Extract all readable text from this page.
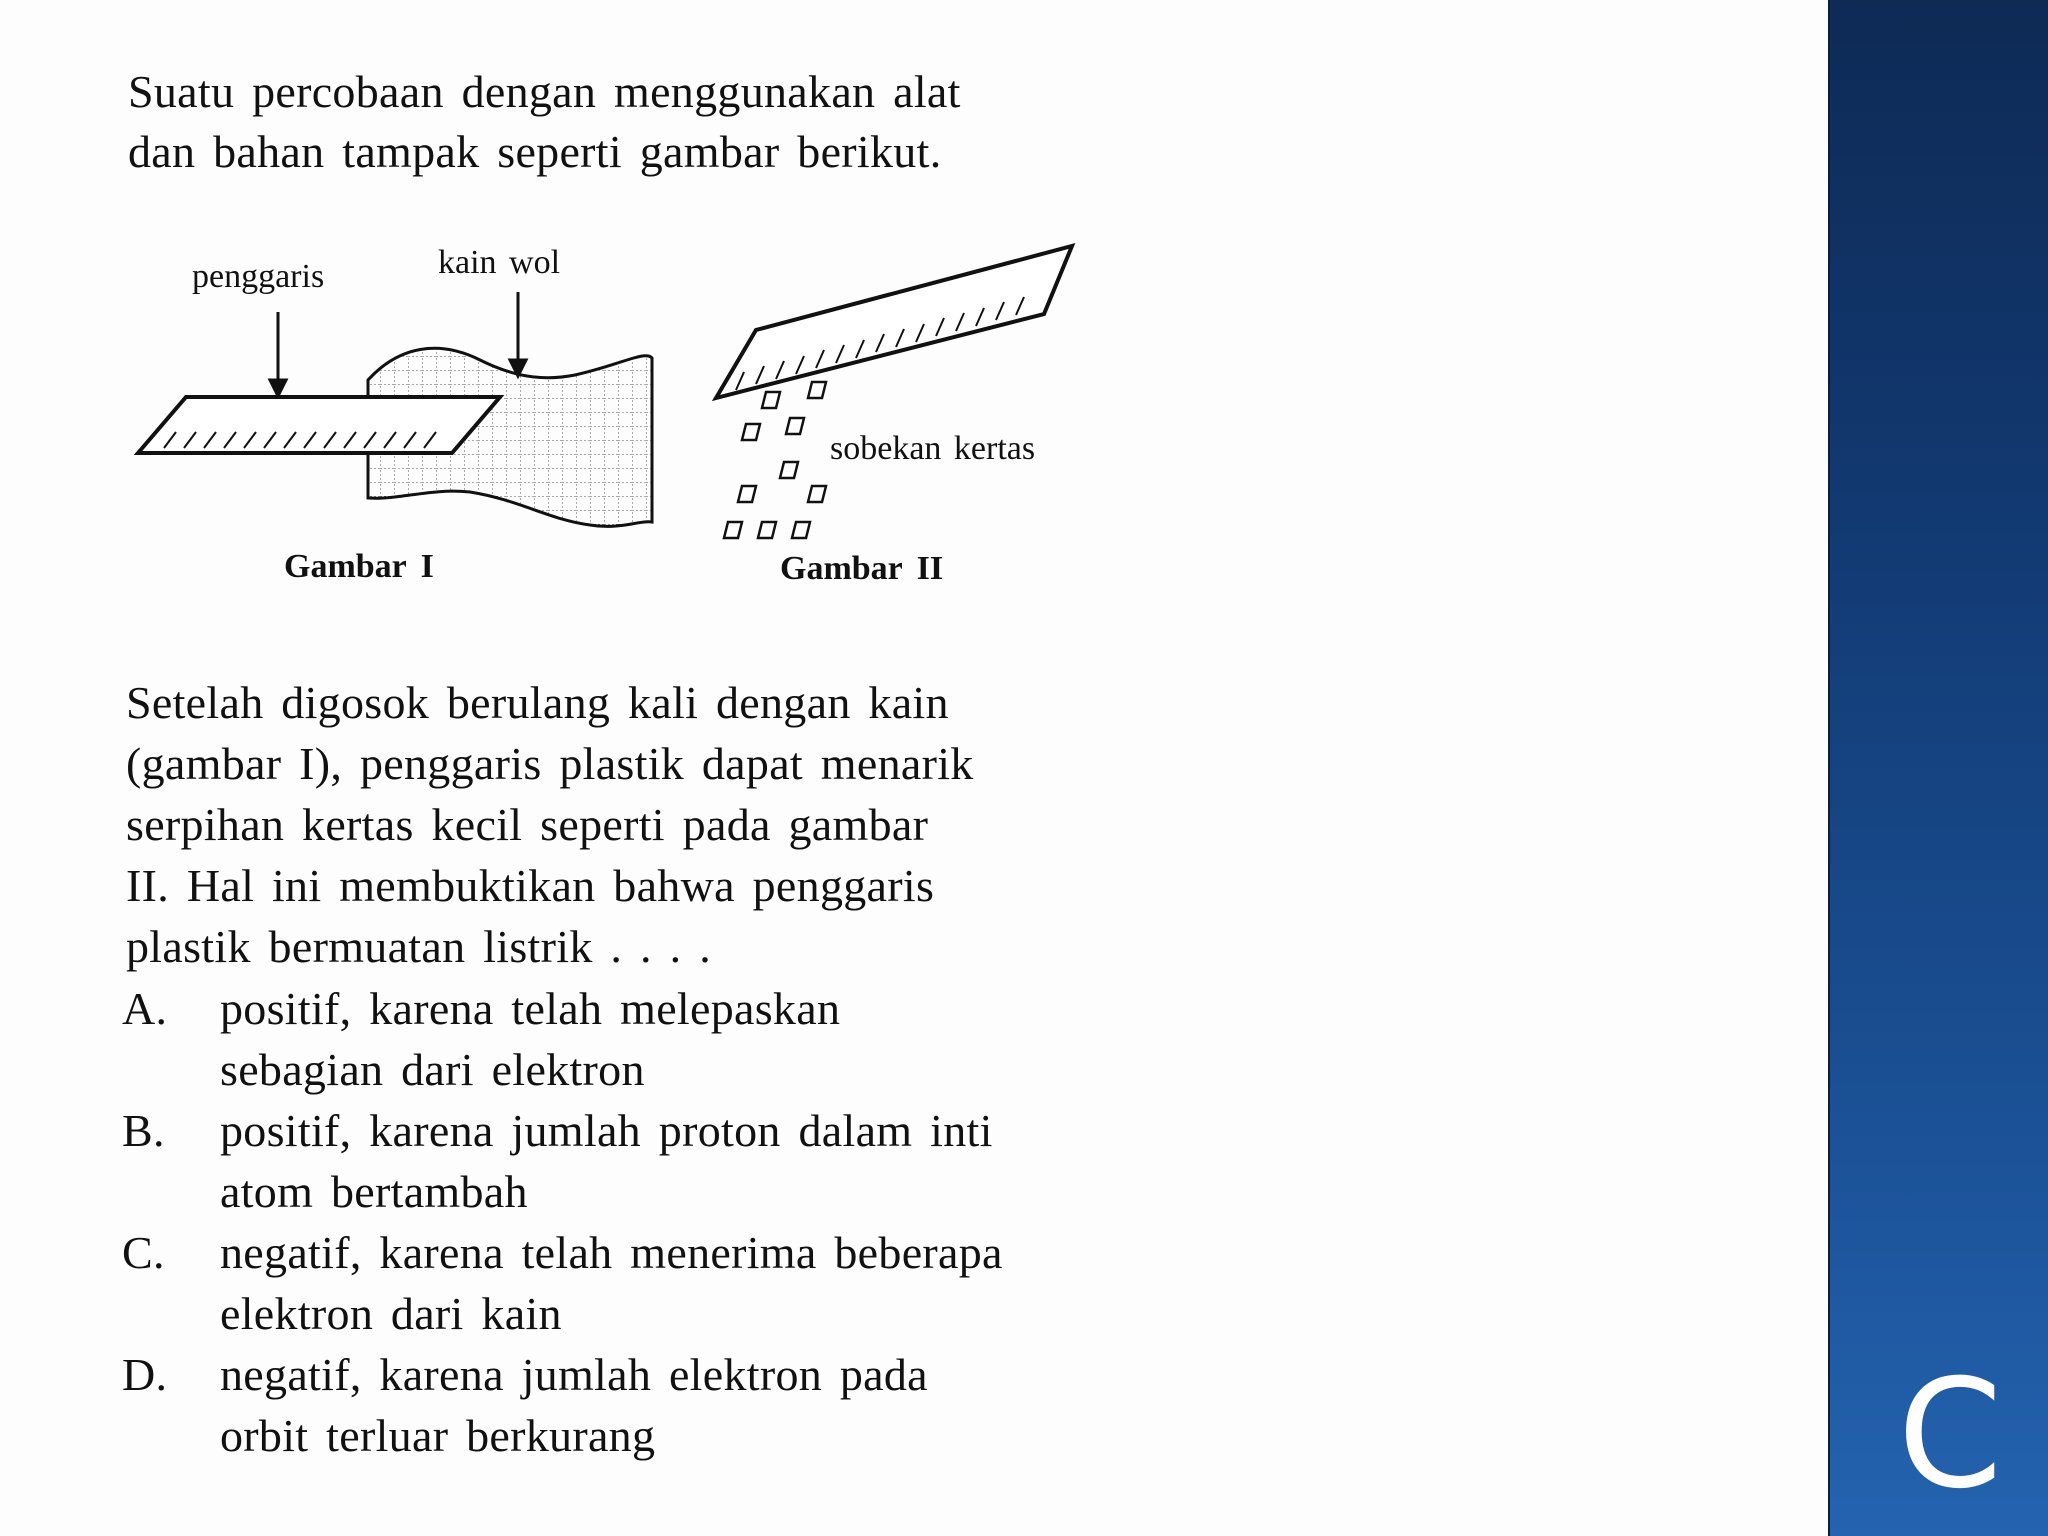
Suatu percobaan dengan menggunakan alat
dan bahan tampak seperti gambar berikut.
penggaris	kain wol
sobekan kertas
Gambar I	Gambar II
Setelah digosok berulang kali dengan kain
(gambar I), penggaris plastik dapat menarik
serpihan kertas kecil seperti pada gambar
II. Hal ini membuktikan bahwa penggaris
plastik bermuatan listrik . . . .
A. positif, karena telah melepaskan
sebagian dari elektron
B. positif, karena jumlah proton dalam inti
atom bertambah
C. negatif, karena telah menerima beberapa
elektron dari kain
D. negatif, karena jumlah elektron pada
orbit terluar berkurang	C
